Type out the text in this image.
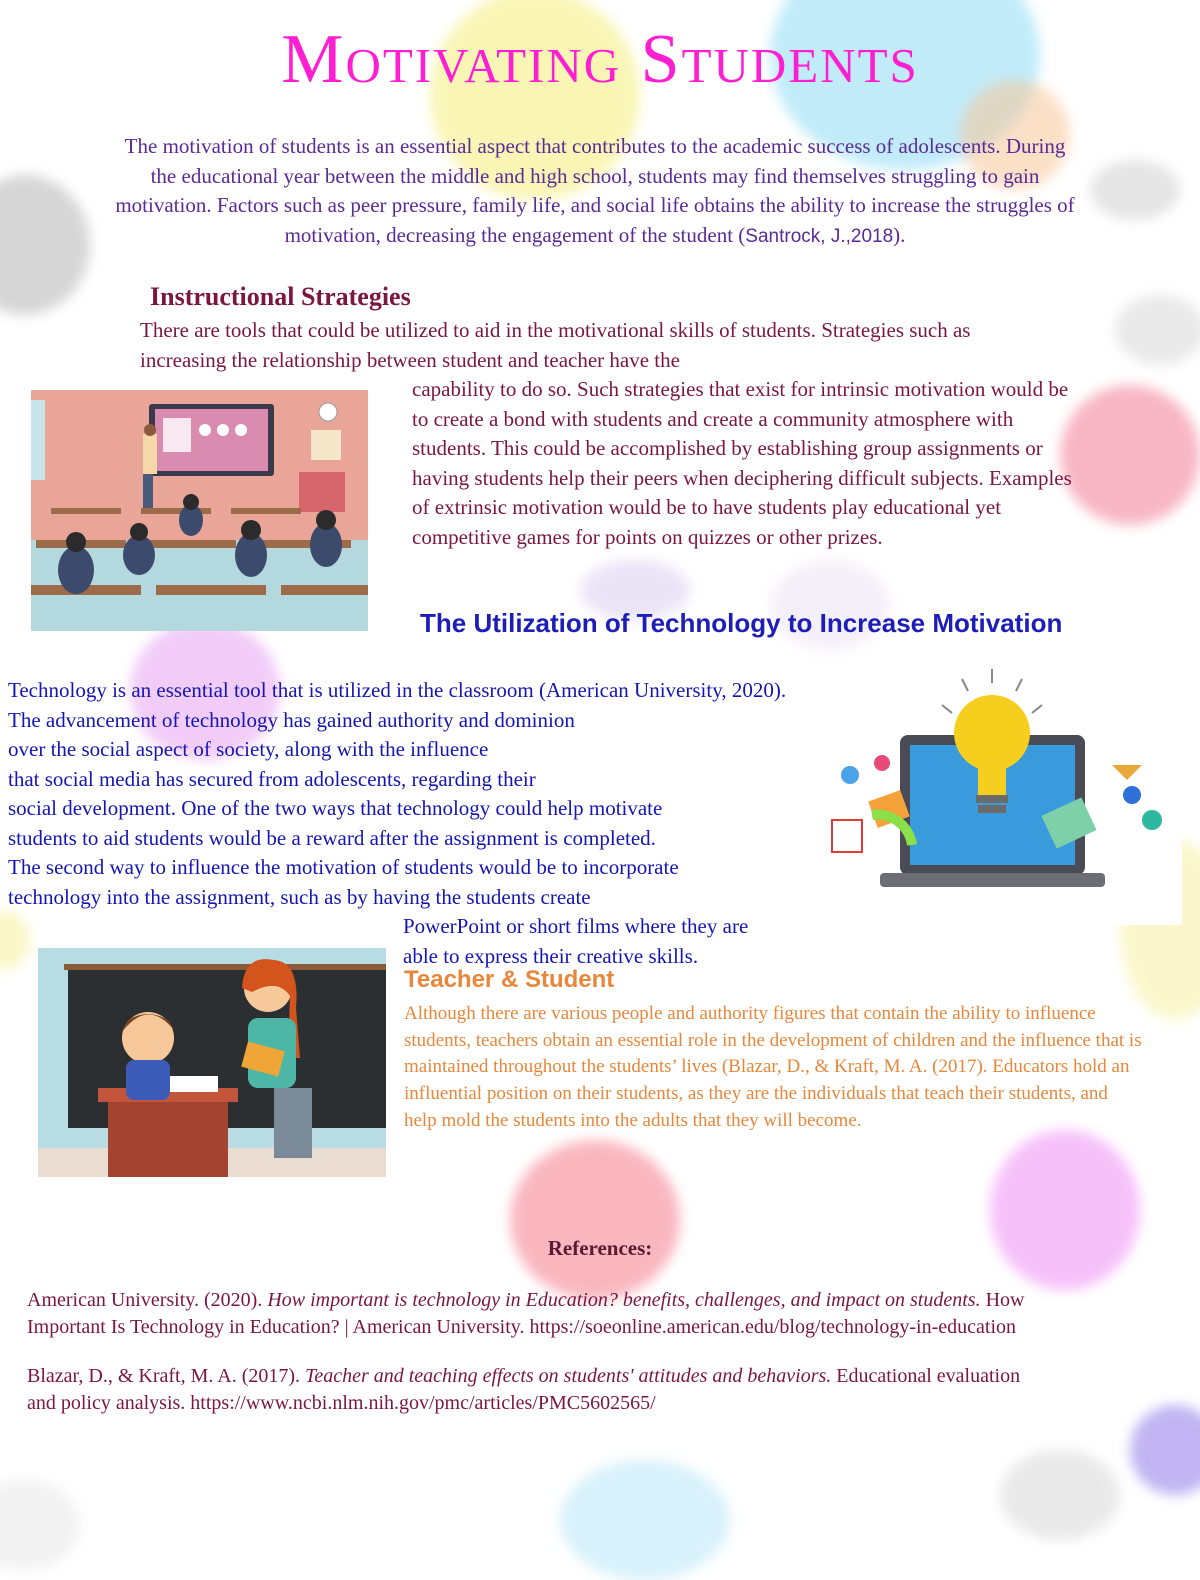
Motivating Students
The motivation of students is an essential aspect that contributes to the academic success of adolescents. During the educational year between the middle and high school, students may find themselves struggling to gain motivation. Factors such as peer pressure, family life, and social life obtains the ability to increase the struggles of motivation, decreasing the engagement of the student (Santrock, J.,2018).
Instructional Strategies
There are tools that could be utilized to aid in the motivational skills of students. Strategies such as increasing the relationship between student and teacher have the
capability to do so. Such strategies that exist for intrinsic motivation would be to create a bond with students and create a community atmosphere with students. This could be accomplished by establishing group assignments or having students help their peers when deciphering difficult subjects. Examples of extrinsic motivation would be to have students play educational yet competitive games for points on quizzes or other prizes.
The Utilization of Technology to Increase Motivation
Technology is an essential tool that is utilized in the classroom (American University, 2020).
The advancement of technology has gained authority and dominion
over the social aspect of society, along with the influence
that social media has secured from adolescents, regarding their
social development. One of the two ways that technology could help motivate
students to aid students would be a reward after the assignment is completed.
The second way to influence the motivation of students would be to incorporate
technology into the assignment, such as by having the students create
PowerPoint or short films where they are
able to express their creative skills.
Teacher & Student
Although there are various people and authority figures that contain the ability to influence students, teachers obtain an essential role in the development of children and the influence that is maintained throughout the students’ lives (Blazar, D., & Kraft, M. A. (2017). Educators hold an influential position on their students, as they are the individuals that teach their students, and help mold the students into the adults that they will become.
References:

American University. (2020). How important is technology in Education? benefits, challenges, and impact on students. How Important Is Technology in Education? | American University. https://soeonline.american.edu/blog/technology-in-education

Blazar, D., & Kraft, M. A. (2017). Teacher and teaching effects on students' attitudes and behaviors. Educational evaluation and policy analysis. https://www.ncbi.nlm.nih.gov/pmc/articles/PMC5602565/
